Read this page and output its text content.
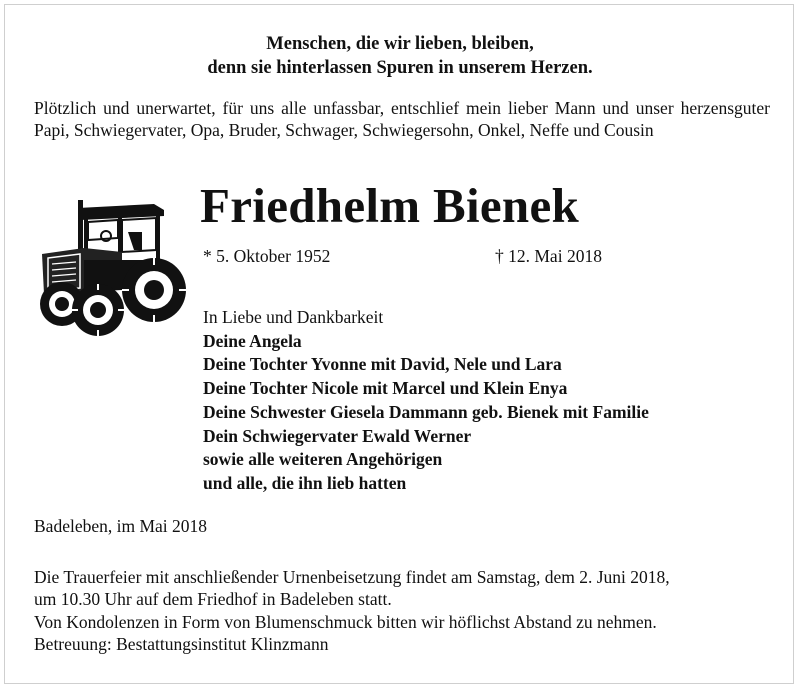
Menschen, die wir lieben, bleiben,
denn sie hinterlassen Spuren in unserem Herzen.
Plötzlich und unerwartet, für uns alle unfassbar, entschlief mein lieber Mann und unser herzensguter Papi, Schwiegervater, Opa, Bruder, Schwager, Schwiegersohn, Onkel, Neffe und Cousin
Friedhelm Bienek
* 5. Oktober 1952	† 12. Mai 2018
In Liebe und Dankbarkeit
Deine Angela
Deine Tochter Yvonne mit David, Nele und Lara
Deine Tochter Nicole mit Marcel und Klein Enya
Deine Schwester Giesela Dammann geb. Bienek mit Familie
Dein Schwiegervater Ewald Werner
sowie alle weiteren Angehörigen
und alle, die ihn lieb hatten
Badeleben, im Mai 2018
Die Trauerfeier mit anschließender Urnenbeisetzung findet am Samstag, dem 2. Juni 2018,
um 10.30 Uhr auf dem Friedhof in Badeleben statt.
Von Kondolenzen in Form von Blumenschmuck bitten wir höflichst Abstand zu nehmen.
Betreuung: Bestattungsinstitut Klinzmann
